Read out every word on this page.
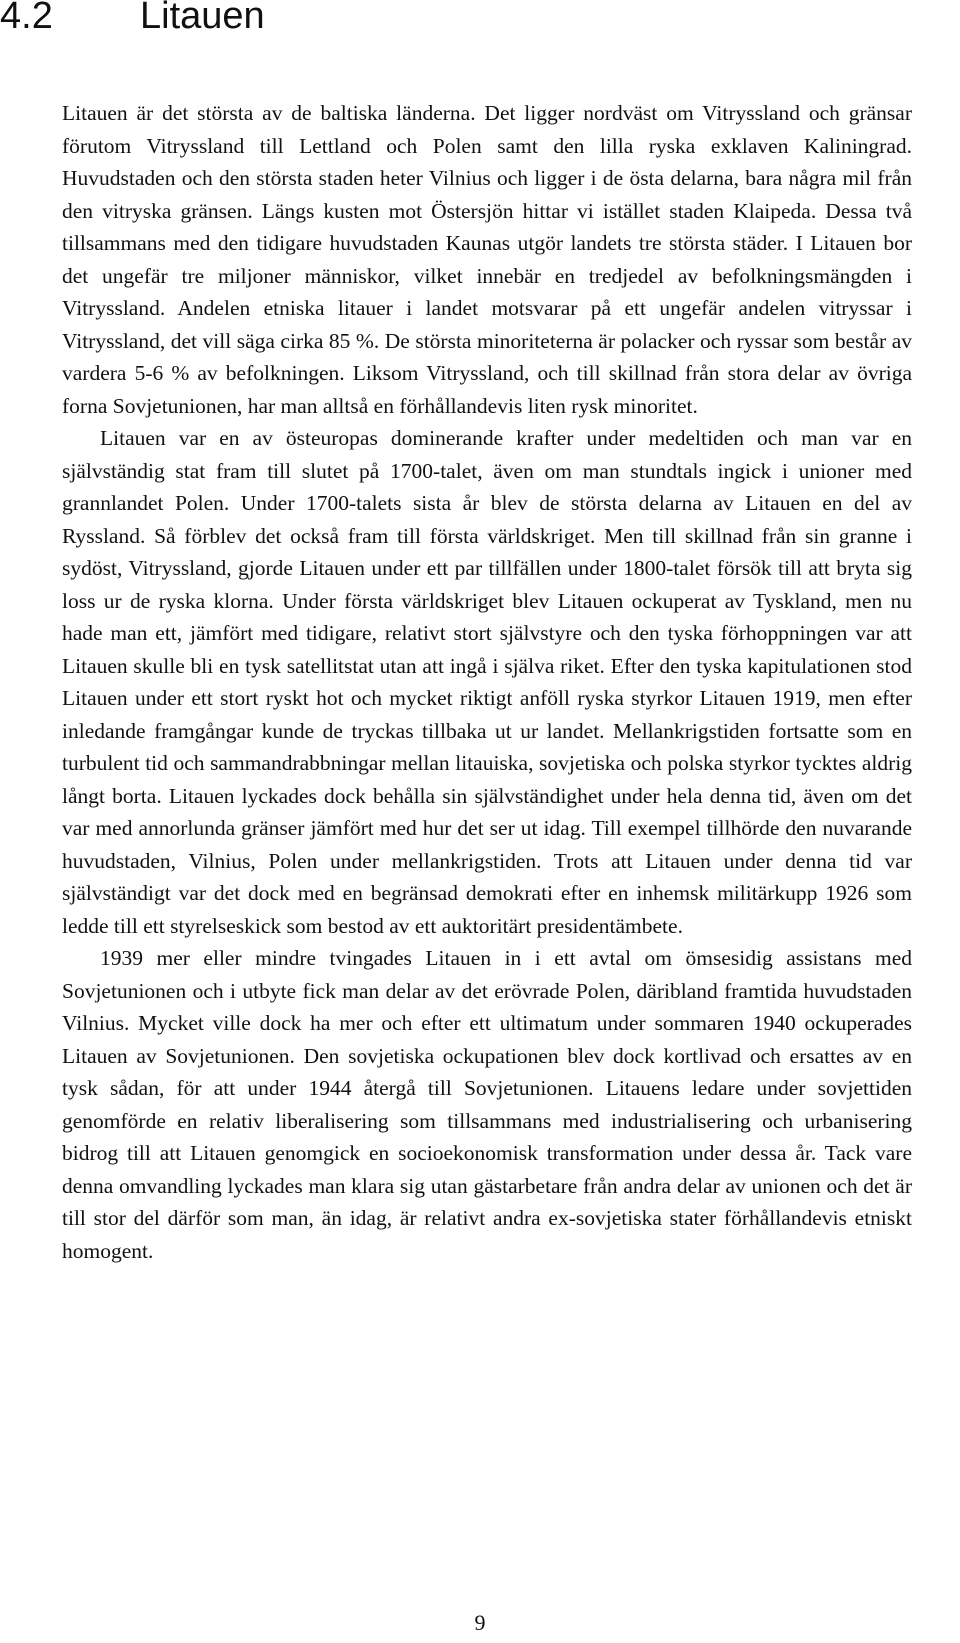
4.2 Litauen

Litauen är det största av de baltiska länderna. Det ligger nordväst om Vitryssland och gränsar förutom Vitryssland till Lettland och Polen samt den lilla ryska exklaven Kaliningrad. Huvudstaden och den största staden heter Vilnius och ligger i de östa delarna, bara några mil från den vitryska gränsen. Längs kusten mot Östersjön hittar vi istället staden Klaipeda. Dessa två tillsammans med den tidigare huvudstaden Kaunas utgör landets tre största städer. I Litauen bor det ungefär tre miljoner människor, vilket innebär en tredjedel av befolkningsmängden i Vitryssland. Andelen etniska litauer i landet motsvarar på ett ungefär andelen vitryssar i Vitryssland, det vill säga cirka 85 %. De största minoriteterna är polacker och ryssar som består av vardera 5-6 % av befolkningen. Liksom Vitryssland, och till skillnad från stora delar av övriga forna Sovjetunionen, har man alltså en förhållandevis liten rysk minoritet.

Litauen var en av östeuropas dominerande krafter under medeltiden och man var en självständig stat fram till slutet på 1700-talet, även om man stundtals ingick i unioner med grannlandet Polen. Under 1700-talets sista år blev de största delarna av Litauen en del av Ryssland. Så förblev det också fram till första världskriget. Men till skillnad från sin granne i sydöst, Vitryssland, gjorde Litauen under ett par tillfällen under 1800-talet försök till att bryta sig loss ur de ryska klorna. Under första världskriget blev Litauen ockuperat av Tyskland, men nu hade man ett, jämfört med tidigare, relativt stort självstyre och den tyska förhoppningen var att Litauen skulle bli en tysk satellitstat utan att ingå i själva riket. Efter den tyska kapitulationen stod Litauen under ett stort ryskt hot och mycket riktigt anföll ryska styrkor Litauen 1919, men efter inledande framgångar kunde de tryckas tillbaka ut ur landet. Mellankrigstiden fortsatte som en turbulent tid och sammandrabbningar mellan litauiska, sovjetiska och polska styrkor tycktes aldrig långt borta. Litauen lyckades dock behålla sin självständighet under hela denna tid, även om det var med annorlunda gränser jämfört med hur det ser ut idag. Till exempel tillhörde den nuvarande huvudstaden, Vilnius, Polen under mellankrigstiden. Trots att Litauen under denna tid var självständigt var det dock med en begränsad demokrati efter en inhemsk militärkupp 1926 som ledde till ett styrelseskick som bestod av ett auktoritärt presidentämbete.

1939 mer eller mindre tvingades Litauen in i ett avtal om ömsesidig assistans med Sovjetunionen och i utbyte fick man delar av det erövrade Polen, däribland framtida huvudstaden Vilnius. Mycket ville dock ha mer och efter ett ultimatum under sommaren 1940 ockuperades Litauen av Sovjetunionen. Den sovjetiska ockupationen blev dock kortlivad och ersattes av en tysk sådan, för att under 1944 återgå till Sovjetunionen. Litauens ledare under sovjettiden genomförde en relativ liberalisering som tillsammans med industrialisering och urbanisering bidrog till att Litauen genomgick en socioekonomisk transformation under dessa år. Tack vare denna omvandling lyckades man klara sig utan gästarbetare från andra delar av unionen och det är till stor del därför som man, än idag, är relativt andra ex-sovjetiska stater förhållandevis etniskt homogent.

9
